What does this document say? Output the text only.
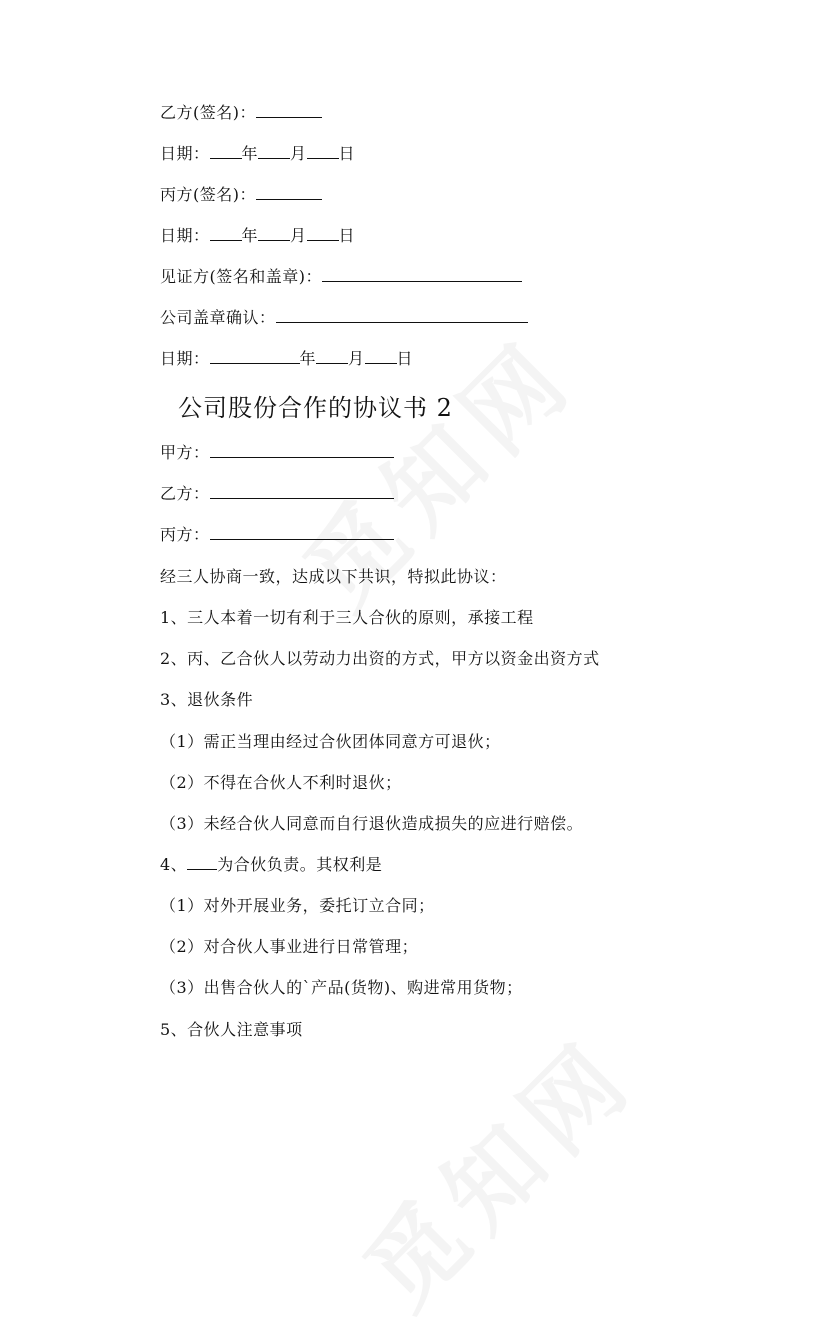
乙方(签名)：
日期： 年 月 日
丙方(签名)：
日期： 年 月 日
见证方(签名和盖章)：
公司盖章确认：
日期：	年 月 日
公司股份合作的协议书 2
甲方：
乙方：
丙方：
经三人协商一致，达成以下共识，特拟此协议：
1、三人本着一切有利于三人合伙的原则，承接工程
2、丙、乙合伙人以劳动力出资的方式，甲方以资金出资方式
3、退伙条件
（1）需正当理由经过合伙团体同意方可退伙；
（2）不得在合伙人不利时退伙；
（3）未经合伙人同意而自行退伙造成损失的应进行赔偿。
4、 为合伙负责。其权利是
（1）对外开展业务，委托订立合同；
（2）对合伙人事业进行日常管理；
（3）出售合伙人的`产品(货物)、购进常用货物；
5、合伙人注意事项
